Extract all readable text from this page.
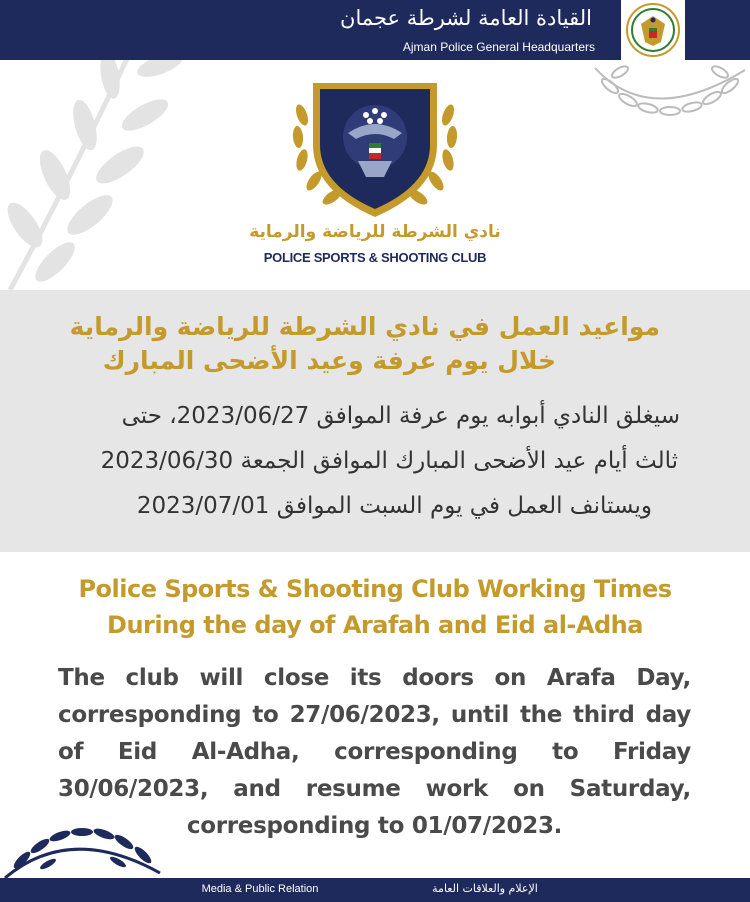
القيادة العامة لشرطة عجمان
Ajman Police General Headquarters
نادي الشرطة للرياضة والرماية
POLICE SPORTS & SHOOTING CLUB
مواعيد العمل في نادي الشرطة للرياضة والرماية
خلال يوم عرفة وعيد الأضحى المبارك
سيغلق النادي أبوابه يوم عرفة الموافق 2023/06/27، حتى
ثالث أيام عيد الأضحى المبارك الموافق الجمعة 2023/06/30
ويستانف العمل في يوم السبت الموافق 2023/07/01
Police Sports & Shooting Club Working Times
During the day of Arafah and Eid al-Adha
The club will close its doors on Arafa Day, corresponding to 27/06/2023, until the third day of Eid Al-Adha, corresponding to Friday 30/06/2023, and resume work on Saturday, corresponding to 01/07/2023.
Media & Public Relation	الإعلام والعلاقات العامة
